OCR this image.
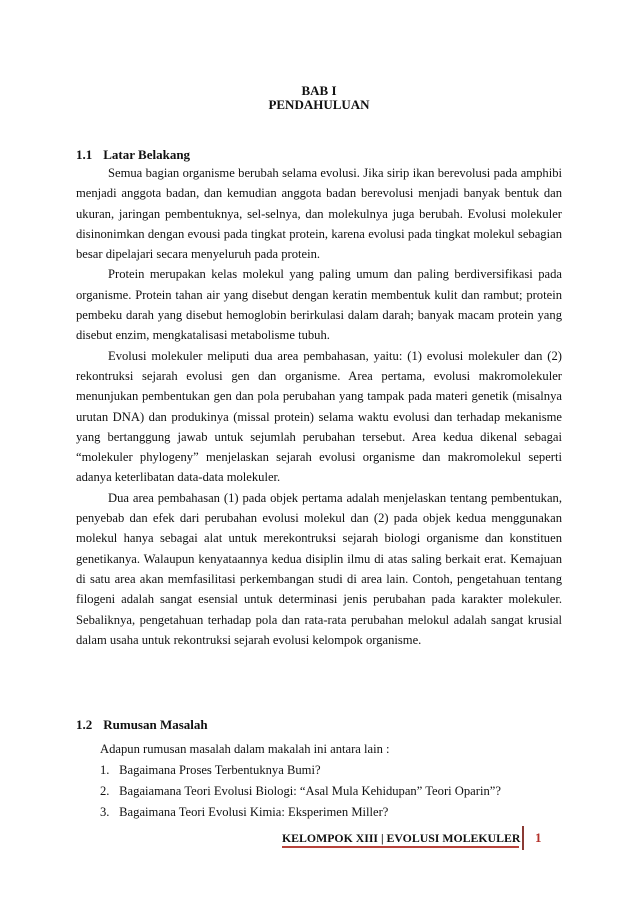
BAB I
PENDAHULUAN
1.1 Latar Belakang

Semua bagian organisme berubah selama evolusi. Jika sirip ikan berevolusi pada amphibi menjadi anggota badan, dan kemudian anggota badan berevolusi menjadi banyak bentuk dan ukuran, jaringan pembentuknya, sel-selnya, dan molekulnya juga berubah. Evolusi molekuler disinonimkan dengan evousi pada tingkat protein, karena evolusi pada tingkat molekul sebagian besar dipelajari secara menyeluruh pada protein.

Protein merupakan kelas molekul yang paling umum dan paling berdiversifikasi pada organisme. Protein tahan air yang disebut dengan keratin membentuk kulit dan rambut; protein pembeku darah yang disebut hemoglobin berirkulasi dalam darah; banyak macam protein yang disebut enzim, mengkatalisasi metabolisme tubuh.

Evolusi molekuler meliputi dua area pembahasan, yaitu: (1) evolusi molekuler dan (2) rekontruksi sejarah evolusi gen dan organisme. Area pertama, evolusi makromolekuler menunjukan pembentukan gen dan pola perubahan yang tampak pada materi genetik (misalnya urutan DNA) dan produkinya (missal protein) selama waktu evolusi dan terhadap mekanisme yang bertanggung jawab untuk sejumlah perubahan tersebut. Area kedua dikenal sebagai “molekuler phylogeny” menjelaskan sejarah evolusi organisme dan makromolekul seperti adanya keterlibatan data-data molekuler.

Dua area pembahasan (1) pada objek pertama adalah menjelaskan tentang pembentukan, penyebab dan efek dari perubahan evolusi molekul dan (2) pada objek kedua menggunakan molekul hanya sebagai alat untuk merekontruksi sejarah biologi organisme dan konstituen genetikanya. Walaupun kenyataannya kedua disiplin ilmu di atas saling berkait erat. Kemajuan di satu area akan memfasilitasi perkembangan studi di area lain. Contoh, pengetahuan tentang filogeni adalah sangat esensial untuk determinasi jenis perubahan pada karakter molekuler. Sebaliknya, pengetahuan terhadap pola dan rata-rata perubahan melokul adalah sangat krusial dalam usaha untuk rekontruksi sejarah evolusi kelompok organisme.

1.2 Rumusan Masalah
Adapun rumusan masalah dalam makalah ini antara lain :
1. Bagaimana Proses Terbentuknya Bumi?
2. Bagaiamana Teori Evolusi Biologi: “Asal Mula Kehidupan” Teori Oparin”?
3. Bagaimana Teori Evolusi Kimia: Eksperimen Miller?
KELOMPOK XIII | EVOLUSI MOLEKULER 1
